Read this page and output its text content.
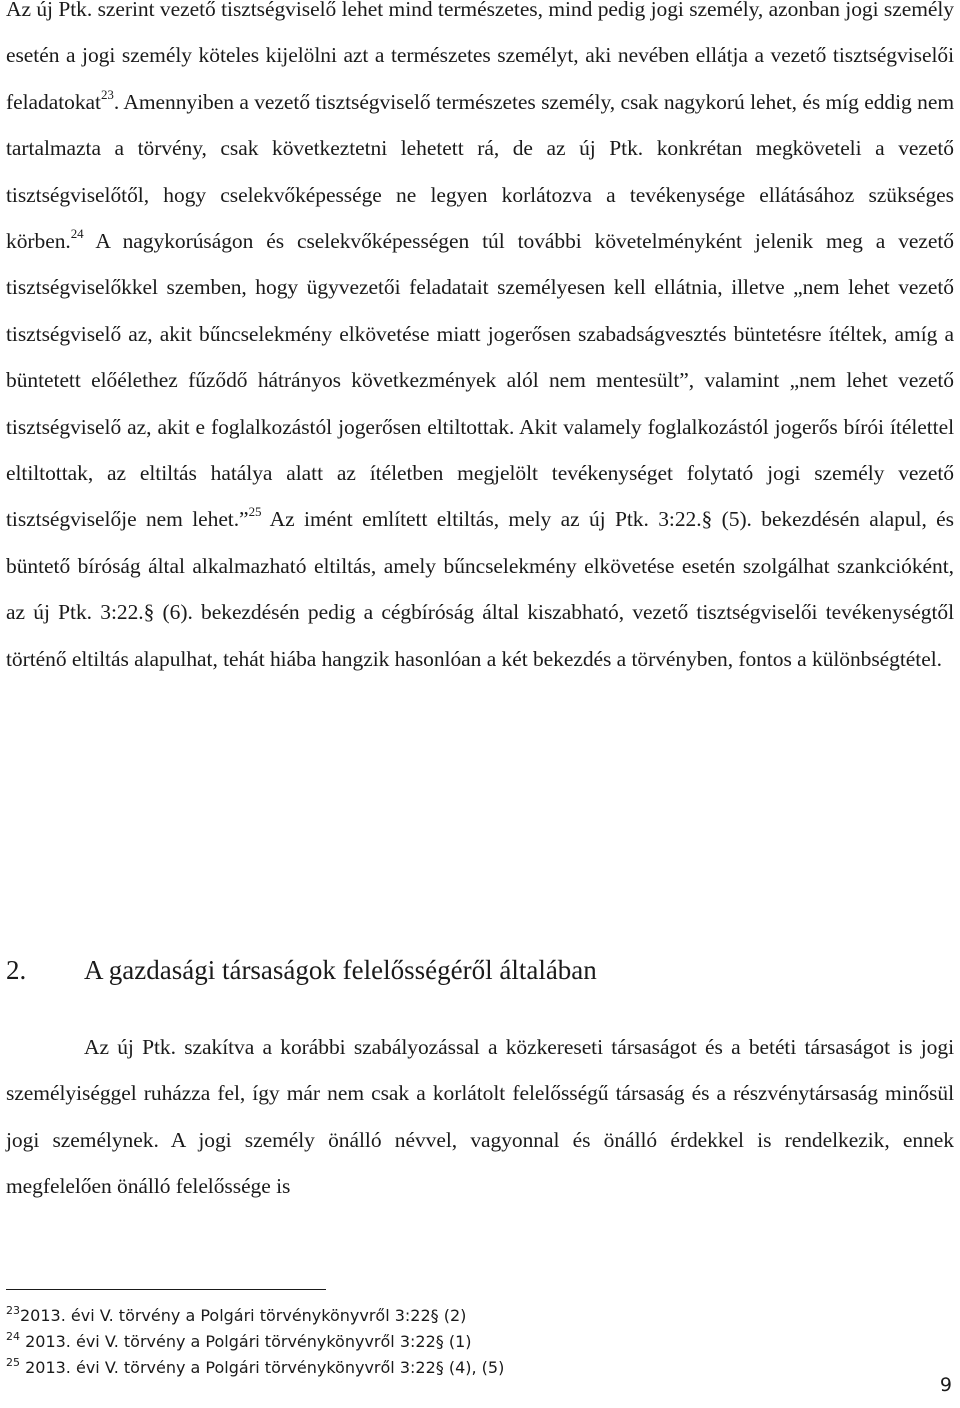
Az új Ptk. szerint vezető tisztségviselő lehet mind természetes, mind pedig jogi személy, azonban jogi személy esetén a jogi személy köteles kijelölni azt a természetes személyt, aki nevében ellátja a vezető tisztségviselői feladatokat$^{23}$. Amennyiben a vezető tisztségviselő természetes személy, csak nagykorú lehet, és míg eddig nem tartalmazta a törvény, csak következtetni lehetett rá, de az új Ptk. konkrétan megköveteli a vezető tisztségviselőtől, hogy cselekvőképessége ne legyen korlátozva a tevékenysége ellátásához szükséges körben.$^{24}$ A nagykorúságon és cselekvőképességen túl további követelményként jelenik meg a vezető tisztségviselőkkel szemben, hogy ügyvezetői feladatait személyesen kell ellátnia, illetve „nem lehet vezető tisztségviselő az, akit bűncselekmény elkövetése miatt jogerősen szabadságvesztés büntetésre ítéltek, amíg a büntetett előélethez fűződő hátrányos következmények alól nem mentesült”, valamint „nem lehet vezető tisztségviselő az, akit e foglalkozástól jogerősen eltiltottak. Akit valamely foglalkozástól jogerős bírói ítélettel eltiltottak, az eltiltás hatálya alatt az ítéletben megjelölt tevékenységet folytató jogi személy vezető tisztségviselője nem lehet.”$^{25}$ Az imént említett eltiltás, mely az új Ptk. 3:22.§ (5). bekezdésén alapul, és büntető bíróság által alkalmazható eltiltás, amely bűncselekmény elkövetése esetén szolgálhat szankcióként, az új Ptk. 3:22.§ (6). bekezdésén pedig a cégbíróság által kiszabható, vezető tisztségviselői tevékenységtől történő eltiltás alapulhat, tehát hiába hangzik hasonlóan a két bekezdés a törvényben, fontos a különbségtétel.

2. A gazdasági társaságok felelősségéről általában

Az új Ptk. szakítva a korábbi szabályozással a közkereseti társaságot és a betéti társaságot is jogi személyiséggel ruházza fel, így már nem csak a korlátolt felelősségű társaság és a részvénytársaság minősül jogi személynek. A jogi személy önálló névvel, vagyonnal és önálló érdekkel is rendelkezik, ennek megfelelően önálló felelőssége is

$^{23}$2013. évi V. törvény a Polgári törvénykönyvről 3:22§ (2)
$^{24}$ 2013. évi V. törvény a Polgári törvénykönyvről 3:22§ (1)
$^{25}$ 2013. évi V. törvény a Polgári törvénykönyvről 3:22§ (4), (5)
9
